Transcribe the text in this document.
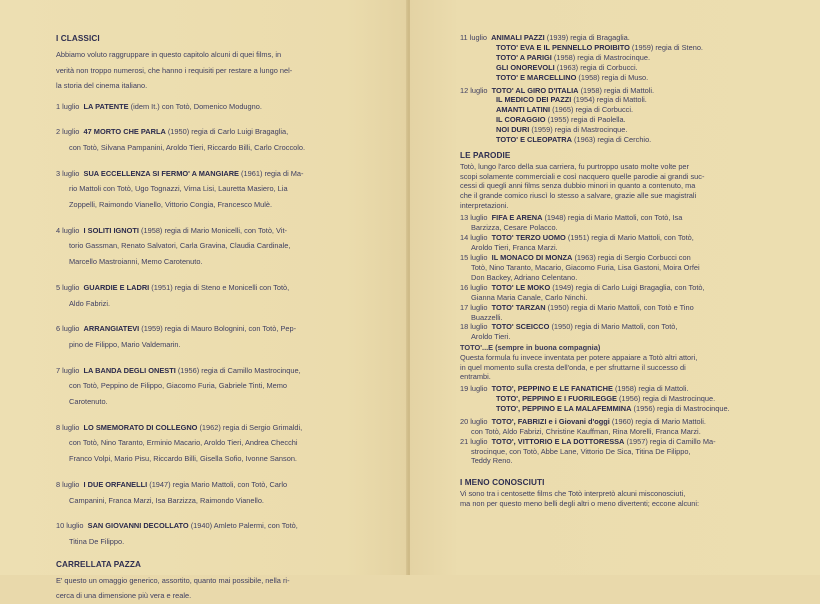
I CLASSICI
Abbiamo voluto raggruppare in questo capitolo alcuni di quei films, in
verità non troppo numerosi, che hanno i requisiti per restare a lungo nel-
la storia del cinema italiano.
1 luglio LA PATENTE (idem It.) con Totò, Domenico Modugno.
2 luglio 47 MORTO CHE PARLA (1950) regia di Carlo Luigi Bragaglia,
con Totò, Silvana Pampanini, Aroldo Tieri, Riccardo Billi, Carlo Croccolo.
3 luglio SUA ECCELLENZA SI FERMO' A MANGIARE (1961) regia di Ma-
rio Mattoli con Totò, Ugo Tognazzi, Virna Lisi, Lauretta Masiero, Lia
Zoppelli, Raimondo Vianello, Vittorio Congia, Francesco Mulè.
4 luglio I SOLITI IGNOTI (1958) regia di Mario Monicelli, con Totò, Vit-
torio Gassman, Renato Salvatori, Carla Gravina, Claudia Cardinale,
Marcello Mastroianni, Memo Carotenuto.
5 luglio GUARDIE E LADRI (1951) regia di Steno e Monicelli con Totò,
Aldo Fabrizi.
6 luglio ARRANGIATEVI (1959) regia di Mauro Bolognini, con Totò, Pep-
pino de Filippo, Mario Valdemarin.
7 luglio LA BANDA DEGLI ONESTI (1956) regia di Camillo Mastrocinque,
con Totò, Peppino de Filippo, Giacomo Furia, Gabriele Tinti, Memo
Carotenuto.
8 luglio LO SMEMORATO DI COLLEGNO (1962) regia di Sergio Grimaldi,
con Totò, Nino Taranto, Erminio Macario, Aroldo Tieri, Andrea Checchi
Franco Volpi, Mario Pisu, Riccardo Billi, Gisella Sofio, Ivonne Sanson.
8 luglio I DUE ORFANELLI (1947) regia Mario Mattoli, con Totò, Carlo
Campanini, Franca Marzi, Isa Barzizza, Raimondo Vianello.
10 luglio SAN GIOVANNI DECOLLATO (1940) Amleto Palermi, con Totò,
Titina De Filippo.
CARRELLATA PAZZA
E' questo un omaggio generico, assortito, quanto mai possibile, nella ri-
cerca di una dimensione più vera e reale.
11 luglio ANIMALI PAZZI (1939) regia di Bragaglia.
TOTO' EVA E IL PENNELLO PROIBITO (1959) regia di Steno.
TOTO' A PARIGI (1958) regia di Mastrocinque.
GLI ONOREVOLI (1963) regia di Corbucci.
TOTO' E MARCELLINO (1958) regia di Muso.
12 luglio TOTO' AL GIRO D'ITALIA (1958) regia di Mattoli.
IL MEDICO DEI PAZZI (1954) regia di Mattoli.
AMANTI LATINI (1965) regia di Corbucci.
IL CORAGGIO (1955) regia di Paolella.
NOI DURI (1959) regia di Mastrocinque.
TOTO' E CLEOPATRA (1963) regia di Cerchio.
LE PARODIE
Totò, lungo l'arco della sua carriera, fu purtroppo usato molte volte per
scopi solamente commerciali e così nacquero quelle parodie ai grandi suc-
cessi di quegli anni films senza dubbio minori in quanto a contenuto, ma
che il grande comico riuscì lo stesso a salvare, grazie alle sue magistrali
interpretazioni.
13 luglio FIFA E ARENA (1948) regia di Mario Mattoli, con Totò, Isa
Barzizza, Cesare Polacco.
14 luglio TOTO' TERZO UOMO (1951) regia di Mario Mattoli, con Totò,
Aroldo Tieri, Franca Marzi.
15 luglio IL MONACO DI MONZA (1963) regia di Sergio Corbucci con
Totò, Nino Taranto, Macario, Giacomo Furia, Lisa Gastoni, Moira Orfei
Don Backey, Adriano Celentano.
16 luglio TOTO' LE MOKO (1949) regia di Carlo Luigi Bragaglia, con Totò,
Gianna Maria Canale, Carlo Ninchi.
17 luglio TOTO' TARZAN (1950) regia di Mario Mattoli, con Totò e Tino
Buazzelli.
18 luglio TOTO' SCEICCO (1950) regia di Mario Mattoli, con Totò,
Aroldo Tieri.
TOTO'...E (sempre in buona compagnia)
Questa formula fu invece inventata per potere appaiare a Totò altri attori,
in quel momento sulla cresta dell'onda, e per sfruttarne il successo di
entrambi.
19 luglio TOTO', PEPPINO E LE FANATICHE (1958) regia di Mattoli.
TOTO', PEPPINO E I FUORILEGGE (1956) regia di Mastrocinque.
TOTO', PEPPINO E LA MALAFEMMINA (1956) regia di Mastrocinque.
20 luglio TOTO', FABRIZI e i Giovani d'oggi (1960) regia di Mario Mattoli.
con Totò, Aldo Fabrizi, Christine Kauffman, Rina Morelli, Franca Marzi.
21 luglio TOTO', VITTORIO E LA DOTTORESSA (1957) regia di Camillo Ma-
strocinque, con Totò, Abbe Lane, Vittorio De Sica, Titina De Filippo,
Teddy Reno.
I MENO CONOSCIUTI
Vi sono tra i centosette films che Totò interpretò alcuni misconosciuti,
ma non per questo meno belli degli altri o meno divertenti; eccone alcuni:
